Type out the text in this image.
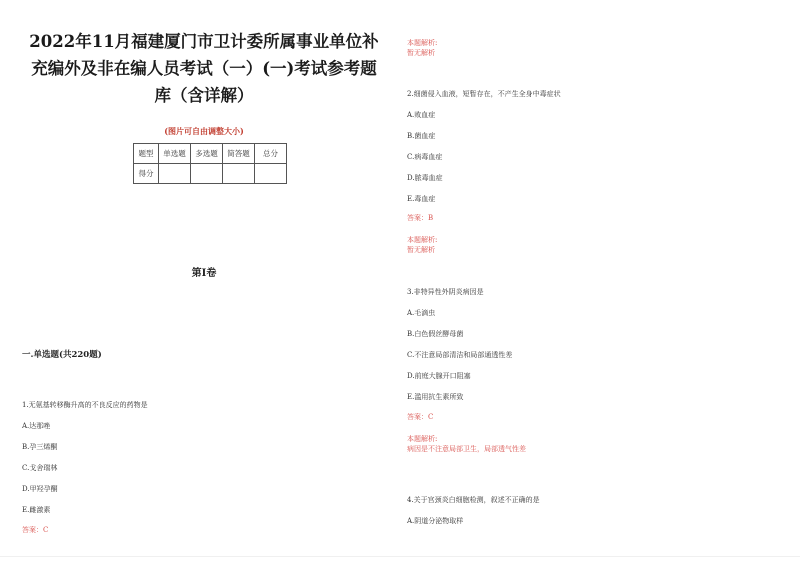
2022年11月福建厦门市卫计委所属事业单位补
充编外及非在编人员考试（一）(一)考试参考题
库（含详解）
(图片可自由调整大小)
题型	单选题	多选题	简答题	总分
得分				
第I卷
一.单选题(共220题)
1.无氨基转移酶升高的不良反应的药物是
A.达那唑
B.孕三烯酮
C.戈舍瑞林
D.甲羟孕酮
E.雌激素
答案：C
本题解析:
暂无解析
2.细菌侵入血液，短暂存在，不产生全身中毒症状
A.败血症
B.菌血症
C.病毒血症
D.脓毒血症
E.毒血症
答案：B
本题解析:
暂无解析
3.非特异性外阴炎病因是
A.毛滴虫
B.白色假丝酵母菌
C.不注意局部清洁和局部通透性差
D.前庭大腺开口阻塞
E.滥用抗生素所致
答案：C
本题解析:
病因是不注意局部卫生，局部透气性差
4.关于宫颈炎白细胞检测，叙述不正确的是
A.阴道分泌物取样
